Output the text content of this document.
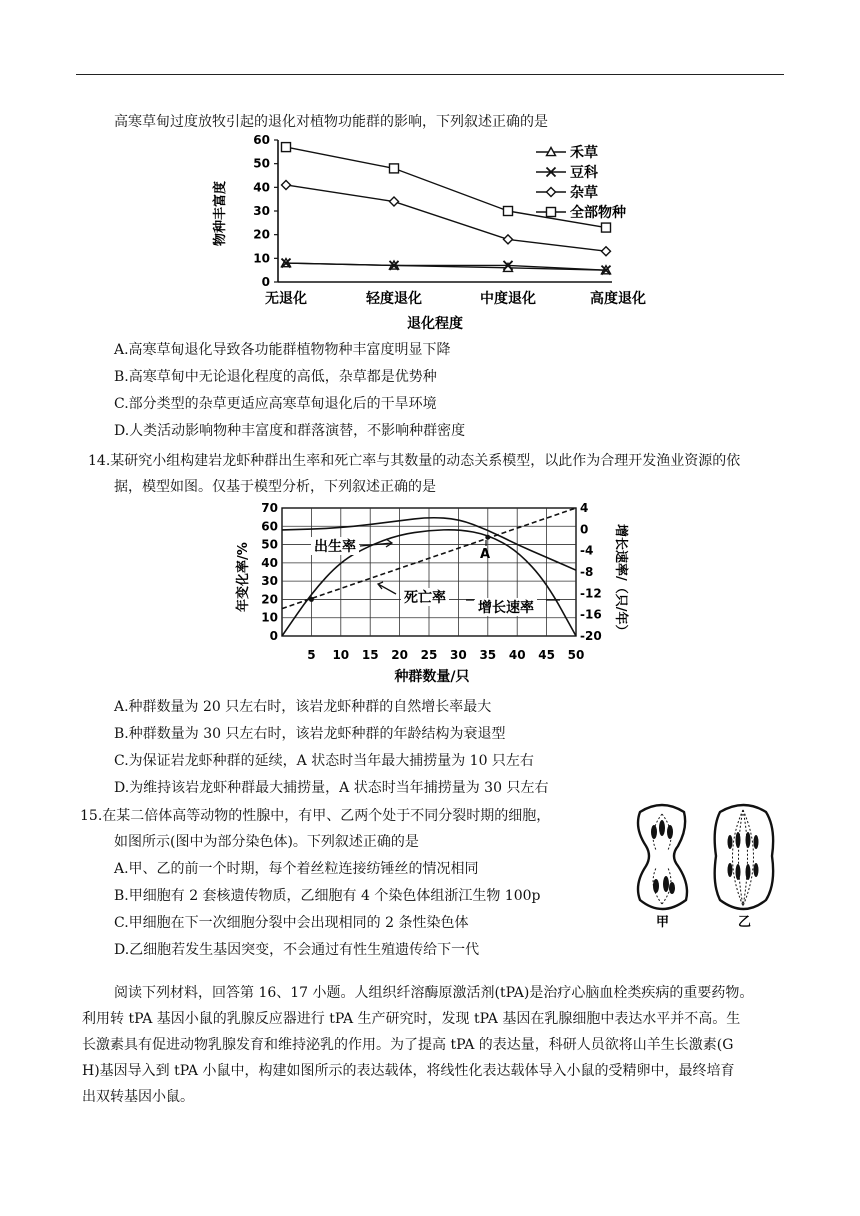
高寒草甸过度放牧引起的退化对植物功能群的影响，下列叙述正确的是
物种丰富度
0
10
20
30
40
50
60
无退化	轻度退化	中度退化	高度退化
禾草
豆科
杂草
全部物种
退化程度
A.高寒草甸退化导致各功能群植物物种丰富度明显下降
B.高寒草甸中无论退化程度的高低，杂草都是优势种
C.部分类型的杂草更适应高寒草甸退化后的干旱环境
D.人类活动影响物种丰富度和群落演替，不影响种群密度
14.某研究小组构建岩龙虾种群出生率和死亡率与其数量的动态关系模型，以此作为合理开发渔业资源的依
据，模型如图。仅基于模型分析，下列叙述正确的是
年变化率/%	增长速率/（只/年）
0
10
20
30
40
50
60
70	4
0
-4
-8
-12
-16
-20
5 10 15 20 25 30 35 40 45 50
出生率
死亡率
增长速率
A
种群数量/只
A.种群数量为 20 只左右时，该岩龙虾种群的自然增长率最大
B.种群数量为 30 只左右时，该岩龙虾种群的年龄结构为衰退型
C.为保证岩龙虾种群的延续，A 状态时当年最大捕捞量为 10 只左右
D.为维持该岩龙虾种群最大捕捞量，A 状态时当年捕捞量为 30 只左右
15.在某二倍体高等动物的性腺中，有甲、乙两个处于不同分裂时期的细胞，
如图所示(图中为部分染色体)。下列叙述正确的是
A.甲、乙的前一个时期，每个着丝粒连接纺锤丝的情况相同
B.甲细胞有 2 套核遗传物质，乙细胞有 4 个染色体组浙江生物 100p
C.甲细胞在下一次细胞分裂中会出现相同的 2 条性染色体
D.乙细胞若发生基因突变，不会通过有性生殖遗传给下一代
甲	乙
阅读下列材料，回答第 16、17 小题。人组织纤溶酶原激活剂(tPA)是治疗心脑血栓类疾病的重要药物。
利用转 tPA 基因小鼠的乳腺反应器进行 tPA 生产研究时，发现 tPA 基因在乳腺细胞中表达水平并不高。生
长激素具有促进动物乳腺发育和维持泌乳的作用。为了提高 tPA 的表达量，科研人员欲将山羊生长激素(G
H)基因导入到 tPA 小鼠中，构建如图所示的表达载体，将线性化表达载体导入小鼠的受精卵中，最终培育
出双转基因小鼠。
